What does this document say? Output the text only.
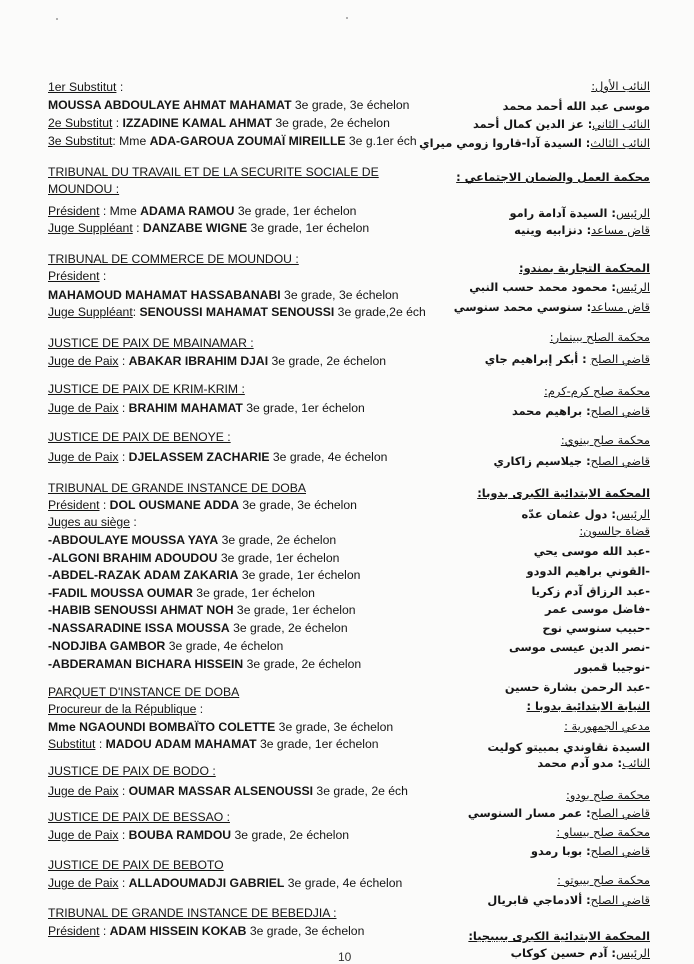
1er Substitut :
MOUSSA ABDOULAYE AHMAT MAHAMAT 3e grade, 3e échelon
2e Substitut : IZZADINE KAMAL AHMAT 3e grade, 2e échelon
3e Substitut: Mme ADA-GAROUA ZOUMAÏ MIREILLE 3e g.1er éch
TRIBUNAL DU TRAVAIL ET DE LA SECURITE SOCIALE DE
MOUNDOU :
Président : Mme ADAMA RAMOU 3e grade, 1er échelon
Juge Suppléant : DANZABE WIGNE 3e grade, 1er échelon
TRIBUNAL DE COMMERCE DE MOUNDOU :
Président :
MAHAMOUD MAHAMAT HASSABANABI 3e grade, 3e échelon
Juge Suppléant: SENOUSSI MAHAMAT SENOUSSI 3e grade,2e éch
JUSTICE DE PAIX DE MBAINAMAR :
Juge de Paix : ABAKAR IBRAHIM DJAI 3e grade, 2e échelon
JUSTICE DE PAIX DE KRIM-KRIM :
Juge de Paix : BRAHIM MAHAMAT 3e grade, 1er échelon
JUSTICE DE PAIX DE BENOYE :
Juge de Paix : DJELASSEM ZACHARIE 3e grade, 4e échelon
TRIBUNAL DE GRANDE INSTANCE DE DOBA
Président : DOL OUSMANE ADDA 3e grade, 3e échelon
Juges au siège :
-ABDOULAYE MOUSSA YAYA 3e grade, 2e échelon
-ALGONI BRAHIM ADOUDOU 3e grade, 1er échelon
-ABDEL-RAZAK ADAM ZAKARIA 3e grade, 1er échelon
-FADIL MOUSSA OUMAR 3e grade, 1er échelon
-HABIB SENOUSSI AHMAT NOH 3e grade, 1er échelon
-NASSARADINE ISSA MOUSSA 3e grade, 2e échelon
-NODJIBA GAMBOR 3e grade, 4e échelon
-ABDERAMAN BICHARA HISSEIN 3e grade, 2e échelon
PARQUET D'INSTANCE DE DOBA
Procureur de la République :
Mme NGAOUNDI BOMBAÏTO COLETTE 3e grade, 3e échelon
Substitut : MADOU ADAM MAHAMAT 3e grade, 1er échelon
JUSTICE DE PAIX DE BODO :
Juge de Paix : OUMAR MASSAR ALSENOUSSI 3e grade, 2e éch
JUSTICE DE PAIX DE BESSAO :
Juge de Paix : BOUBA RAMDOU 3e grade, 2e échelon
JUSTICE DE PAIX DE BEBOTO
Juge de Paix : ALLADOUMADJI GABRIEL 3e grade, 4e échelon
TRIBUNAL DE GRANDE INSTANCE DE BEBEDJIA :
Président : ADAM HISSEIN KOKAB 3e grade, 3e échelon
النائب الأول:
موسى عبد الله أحمد محمد
النائب الثاني: عز الدين كمال أحمد
النائب الثالث: السيدة آدا-قاروا زومي ميراي
محكمة العمل والضمان الاجتماعي :
الرئيس: السيدة آدامة رامو
قاض مساعد: دنزابيه وينيه
المحكمة التجارية بمندو:
الرئيس: محمود محمد حسب النبي
قاض مساعد: سنوسي محمد سنوسي
محكمة الصلح ببينمار:
قاضي الصلح : أبكر إبراهيم جاي
محكمة صلح كرم-كرم:
قاضي الصلح: براهيم محمد
محكمة صلح بينوي:
قاضي الصلح: جيلاسيم زاكاري
المحكمة الابتدائية الكبرى بدوبا:
الرئيس: دول عثمان عدّه
قضاة جالسون:
-عبد الله موسى يحي
-القوني براهيم الدودو
-عبد الرزاق آدم زكريا
-فاضل موسى عمر
-حبيب سنوسي نوح
-نصر الدين عيسى موسى
-نوجيبا قمبور
-عبد الرحمن بشارة حسين
النيابة الابتدائية بدوبا :
مدعي الجمهورية :
السيدة نقاوندي بمبيتو كوليت
النائب: مدو آدم محمد
محكمة صلح بودو:
قاضي الصلح: عمر مسار السنوسي
محكمة صلح بيساو :
قاضي الصلح: بوبا رمدو
محكمة صلح بيبوتو :
قاضي الصلح: ألادماجي قابريال
المحكمة الابتدائية الكبرى ببيبجيا:
الرئيس: آدم حسين كوكاب
10
